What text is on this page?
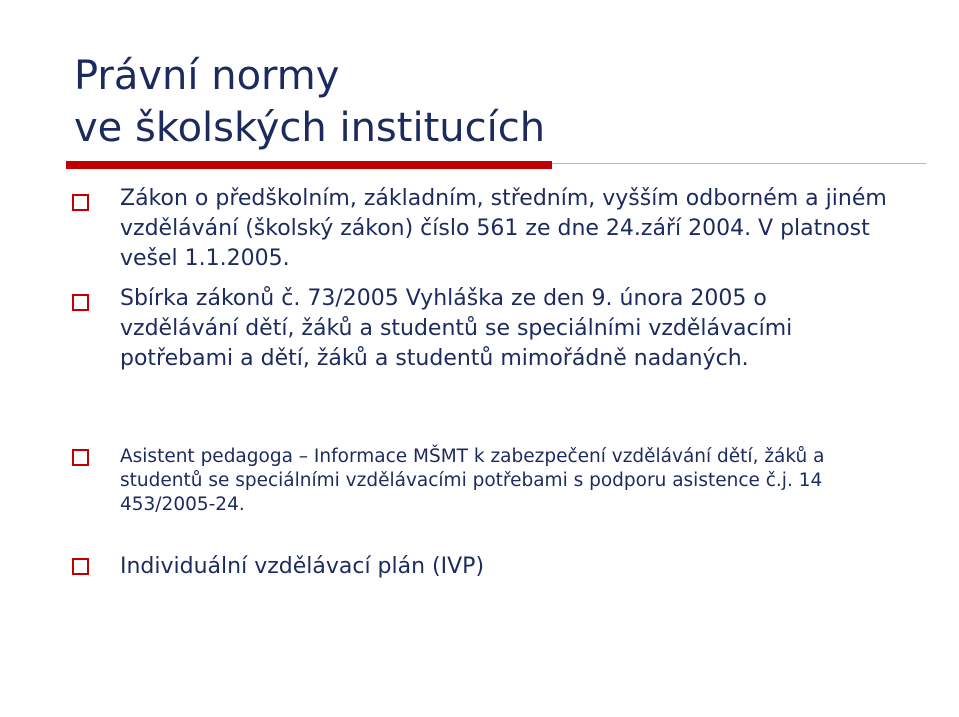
Právní normy
ve školských institucích
Zákon o předškolním, základním, středním, vyšším odborném a jiném vzdělávání (školský zákon) číslo 561 ze dne 24.září 2004. V platnost vešel 1.1.2005.
Sbírka zákonů č. 73/2005 Vyhláška ze den 9. února 2005 o vzdělávání dětí, žáků a studentů se speciálními vzdělávacími potřebami a dětí, žáků a studentů mimořádně nadaných.
Asistent pedagoga – Informace MŠMT k zabezpečení vzdělávání dětí, žáků a studentů se speciálními vzdělávacími potřebami s podporu asistence č.j. 14 453/2005-24.
Individuální vzdělávací plán (IVP)
